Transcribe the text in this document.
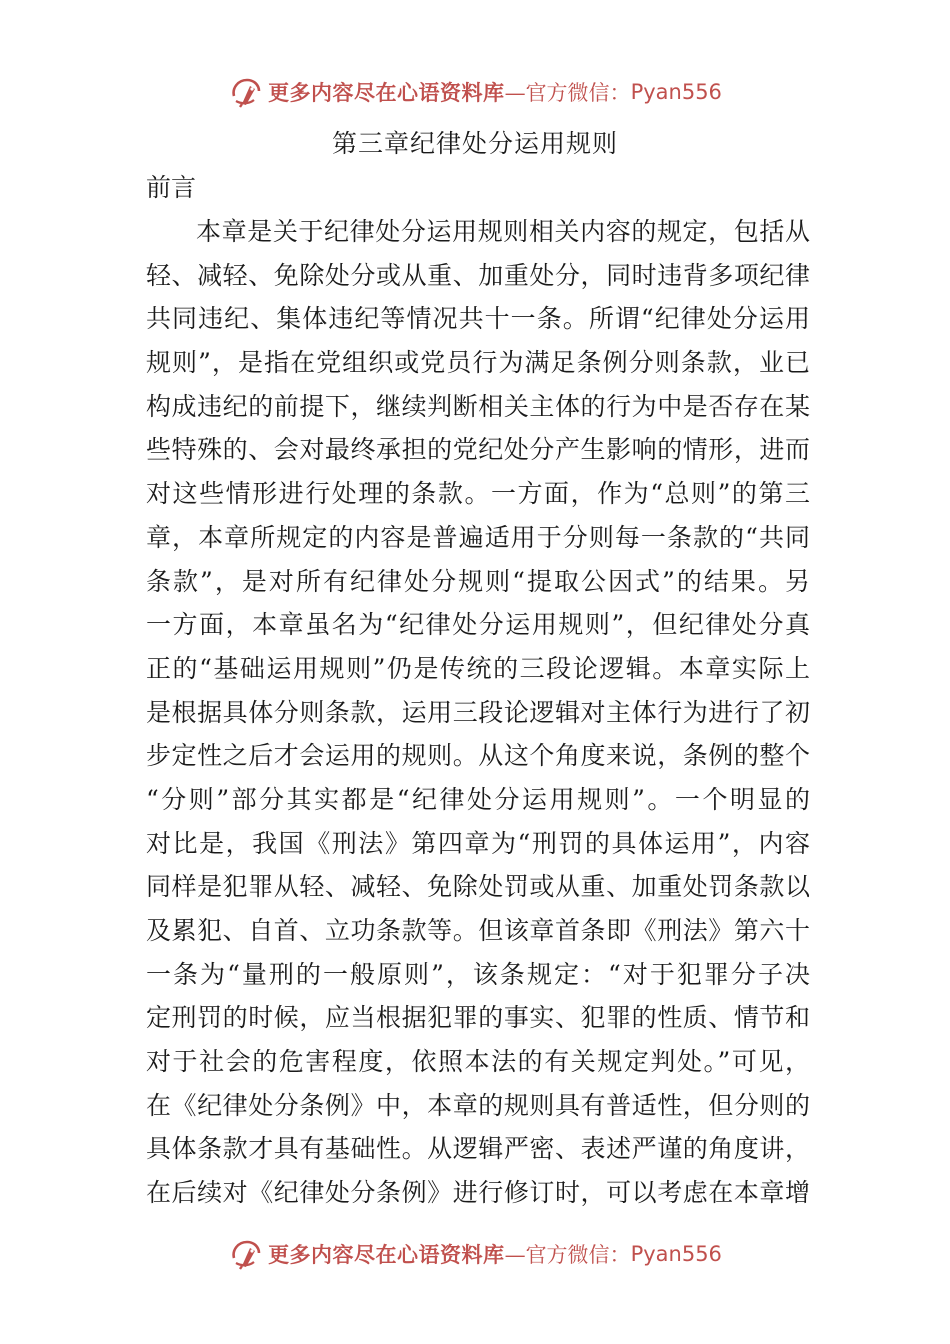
更多内容尽在心语资料库 —官方微信： Pyan556
第三章纪律处分运用规则
前言
本章是关于纪律处分运用规则相关内容的规定，包括从
轻、减轻、免除处分或从重、加重处分，同时违背多项纪律
共同违纪、集体违纪等情况共十一条。所谓“纪律处分运用
规则”，是指在党组织或党员行为满足条例分则条款，业已
构成违纪的前提下，继续判断相关主体的行为中是否存在某
些特殊的、会对最终承担的党纪处分产生影响的情形，进而
对这些情形进行处理的条款。一方面，作为“总则”的第三
章，本章所规定的内容是普遍适用于分则每一条款的“共同
条款”，是对所有纪律处分规则“提取公因式”的结果。另
一方面，本章虽名为“纪律处分运用规则”，但纪律处分真
正的“基础运用规则”仍是传统的三段论逻辑。本章实际上
是根据具体分则条款，运用三段论逻辑对主体行为进行了初
步定性之后才会运用的规则。从这个角度来说，条例的整个
“分则”部分其实都是“纪律处分运用规则”。一个明显的
对比是，我国《刑法》第四章为“刑罚的具体运用”，内容
同样是犯罪从轻、减轻、免除处罚或从重、加重处罚条款以
及累犯、自首、立功条款等。但该章首条即《刑法》第六十
一条为“量刑的一般原则”，该条规定：“对于犯罪分子决
定刑罚的时候，应当根据犯罪的事实、犯罪的性质、情节和
对于社会的危害程度，依照本法的有关规定判处。”可见，
在《纪律处分条例》中，本章的规则具有普适性，但分则的
具体条款才具有基础性。从逻辑严密、表述严谨的角度讲，
在后续对《纪律处分条例》进行修订时，可以考虑在本章增
更多内容尽在心语资料库 —官方微信： Pyan556
